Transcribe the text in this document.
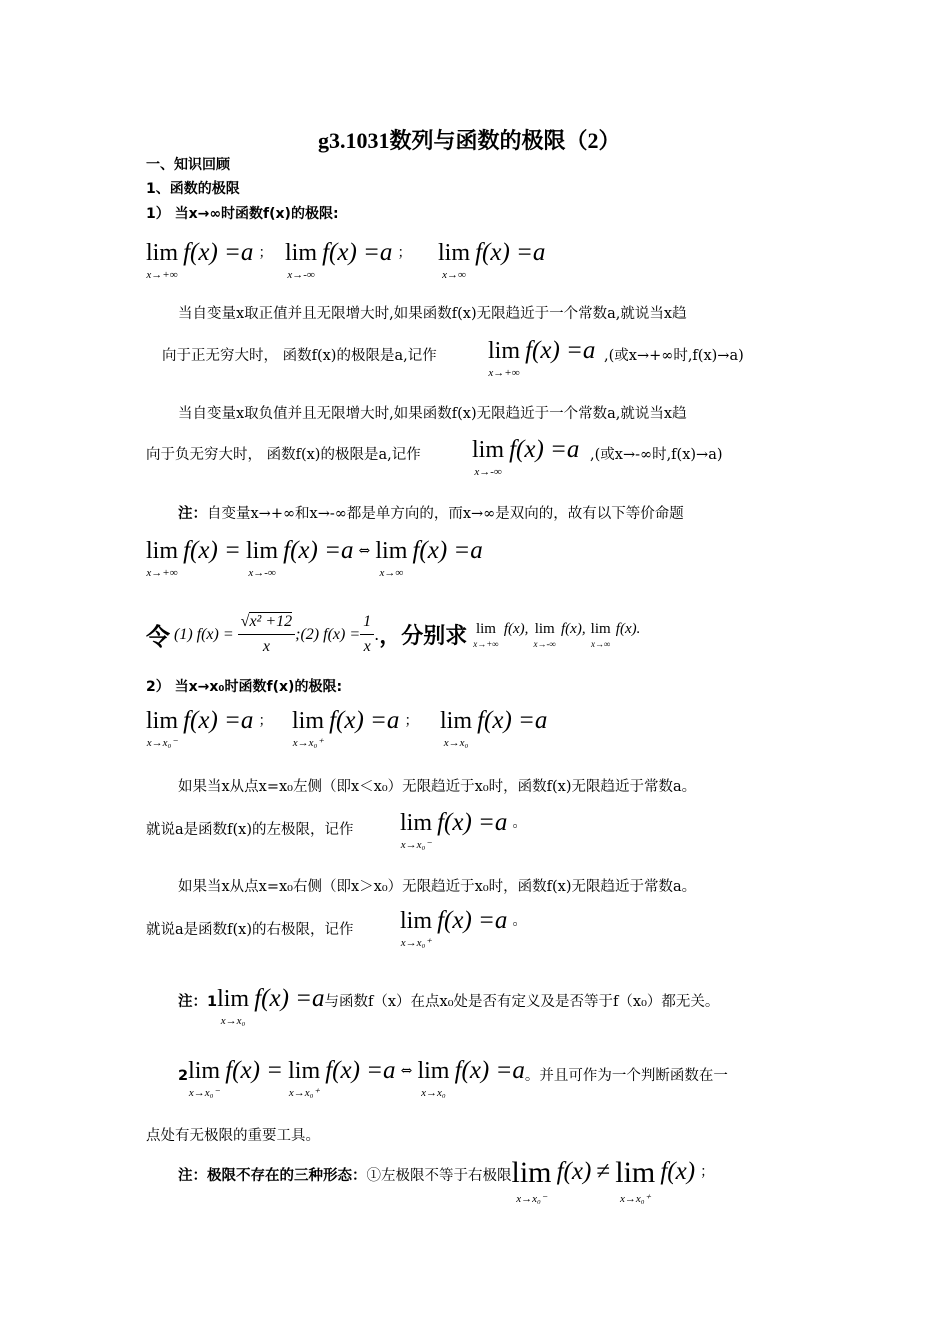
g3.1031数列与函数的极限（2）
一、知识回顾
1、函数的极限
1） 当x→∞时函数f(x)的极限:
lim
x→+∞
f(x) =a ； lim
x→-∞
f(x) =a ； lim
x→∞
f(x) =a
当自变量x取正值并且无限增大时,如果函数f(x)无限趋近于一个常数a,就说当x趋
向于正无穷大时， 函数f(x)的极限是a,记作 lim
x→+∞
f(x) =a ,(或x→+∞时,f(x)→a)
当自变量x取负值并且无限增大时,如果函数f(x)无限趋近于一个常数a,就说当x趋
向于负无穷大时， 函数f(x)的极限是a,记作 lim
x→-∞
f(x) =a ,(或x→-∞时,f(x)→a)
注：自变量x→+∞和x→-∞都是单方向的，而x→∞是双向的，故有以下等价命题
lim
x→+∞
f(x) = lim
x→-∞
f(x) =a ⇔ lim
x→∞
f(x) =a
令 (1) $f(x) = \frac{\text{√x² +12}}{x}$ ;(2) $f(x) = \frac{1}{x}$ . ，分别求 lim
x→+∞
f(x), lim
x→-∞
f(x), lim
x→∞
f(x).
2） 当x→x₀时函数f(x)的极限:
lim
x→x₀⁻
f(x) =a ； lim
x→x₀⁺
f(x) =a ； lim
x→x₀
f(x) =a
如果当x从点x=x₀左侧（即x＜x₀）无限趋近于x₀时，函数f(x)无限趋近于常数a。
就说a是函数f(x)的左极限，记作 lim
x→x₀⁻
f(x) =a 。
如果当x从点x=x₀右侧（即x＞x₀）无限趋近于x₀时，函数f(x)无限趋近于常数a。
就说a是函数f(x)的右极限，记作 lim
x→x₀⁺
f(x) =a 。
注：1 lim
x→x₀
f(x) =a 与函数f（x）在点x₀处是否有定义及是否等于f（x₀）都无关。
2 lim
x→x₀⁻
f(x) = lim
x→x₀⁺
f(x) =a ⇔ lim
x→x₀
f(x) =a 。并且可作为一个判断函数在一
点处有无极限的重要工具。
注：极限不存在的三种形态： ①左极限不等于右极限 lim
x→x₀⁻
f(x) ≠ lim
x→x₀⁺
f(x) ；
